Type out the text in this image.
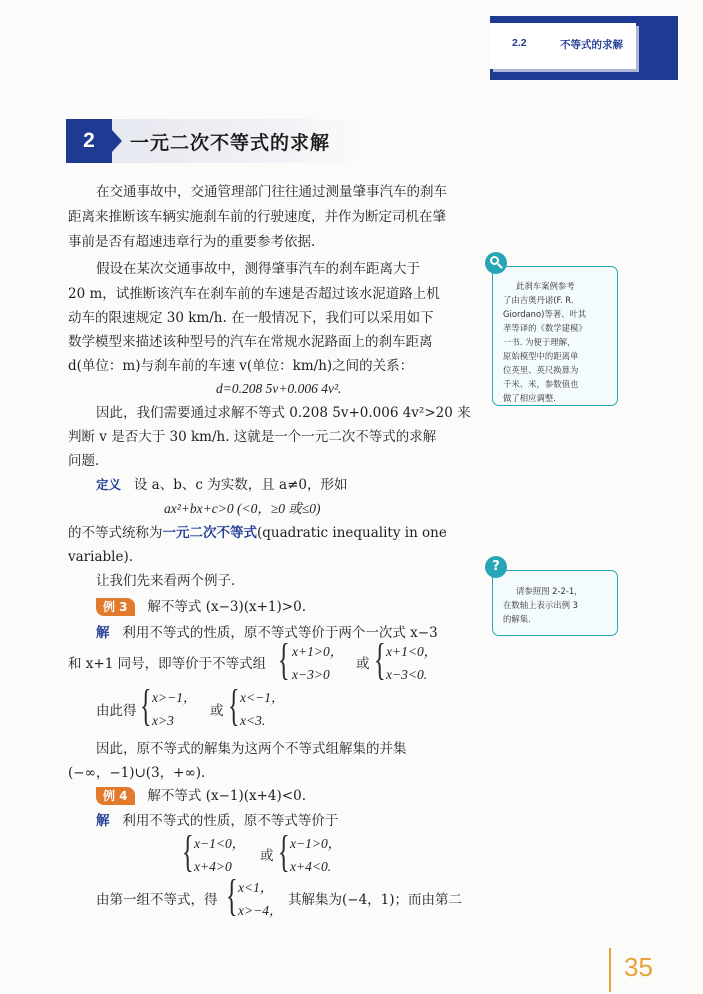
2.2	不等式的求解
2	一元二次不等式的求解
在交通事故中，交通管理部门往往通过测量肇事汽车的刹车
距离来推断该车辆实施刹车前的行驶速度，并作为断定司机在肇
事前是否有超速违章行为的重要参考依据.
假设在某次交通事故中，测得肇事汽车的刹车距离大于
20 m，试推断该汽车在刹车前的车速是否超过该水泥道路上机
动车的限速规定 30 km/h. 在一般情况下，我们可以采用如下
数学模型来描述该种型号的汽车在常规水泥路面上的刹车距离
d(单位：m)与刹车前的车速 v(单位：km/h)之间的关系：
d=0.208 5v+0.006 4v².
因此，我们需要通过求解不等式 0.208 5v+0.006 4v²>20 来
判断 v 是否大于 30 km/h. 这就是一个一元二次不等式的求解
问题.
定义 设 a、b、c 为实数，且 a≠0，形如
ax²+bx+c>0 (<0，≥0 或≤0)
的不等式统称为一元二次不等式(quadratic inequality in one
variable).
让我们先来看两个例子.
例 3 解不等式 (x−3)(x+1)>0.
解 利用不等式的性质，原不等式等价于两个一次式 x−3
和 x+1 同号，即等价于不等式组 { x+1>0，
x−3>0
或 { x+1<0，
x−3<0.
由此得 { x>−1，
x>3
或 { x<−1，
x<3.
因此，原不等式的解集为这两个不等式组解集的并集
(−∞，−1)∪(3，+∞).
例 4 解不等式 (x−1)(x+4)<0.
解 利用不等式的性质，原不等式等价于
{ x−1<0，
x+4>0
或 { x−1>0，
x+4<0.
由第一组不等式，得 { x<1，
x>−4，
其解集为(−4，1)；而由第二
此刹车案例参考
了由吉奥丹诺(F. R.
Giordano)等著、叶其
孝等译的《数学建模》
一书. 为便于理解，
原始模型中的距离单
位英里、英尺换算为
千米、米，参数值也
做了相应调整.
?
请参照图 2-2-1，
在数轴上表示出例 3
的解集.
35
